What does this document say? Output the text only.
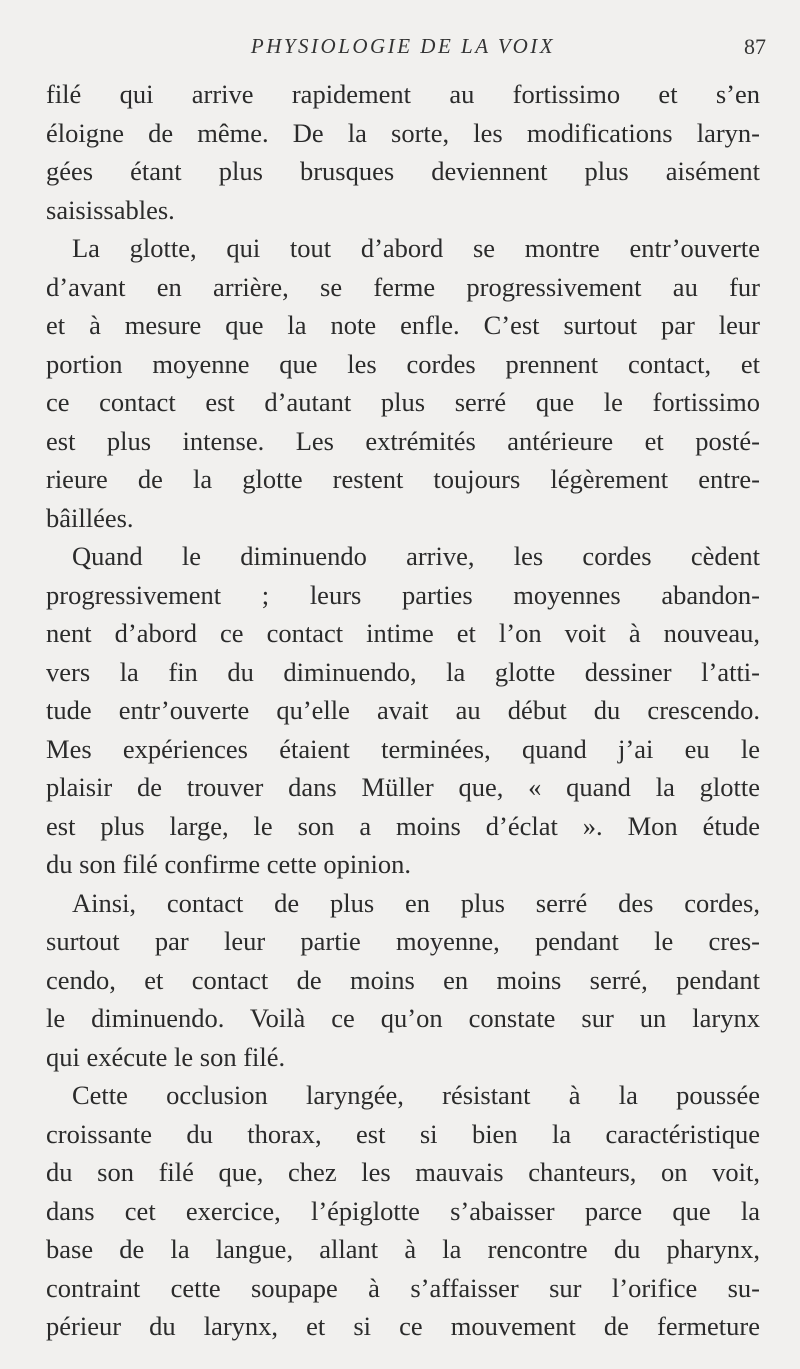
PHYSIOLOGIE DE LA VOIX	87
filé qui arrive rapidement au fortissimo et s’en
éloigne de même. De la sorte, les modifications laryn-
gées étant plus brusques deviennent plus aisément
saisissables.
La glotte, qui tout d’abord se montre entr’ouverte
d’avant en arrière, se ferme progressivement au fur
et à mesure que la note enfle. C’est surtout par leur
portion moyenne que les cordes prennent contact, et
ce contact est d’autant plus serré que le fortissimo
est plus intense. Les extrémités antérieure et posté-
rieure de la glotte restent toujours légèrement entre-
bâillées.
Quand le diminuendo arrive, les cordes cèdent
progressivement ; leurs parties moyennes abandon-
nent d’abord ce contact intime et l’on voit à nouveau,
vers la fin du diminuendo, la glotte dessiner l’atti-
tude entr’ouverte qu’elle avait au début du crescendo.
Mes expériences étaient terminées, quand j’ai eu le
plaisir de trouver dans Müller que, « quand la glotte
est plus large, le son a moins d’éclat ». Mon étude
du son filé confirme cette opinion.
Ainsi, contact de plus en plus serré des cordes,
surtout par leur partie moyenne, pendant le cres-
cendo, et contact de moins en moins serré, pendant
le diminuendo. Voilà ce qu’on constate sur un larynx
qui exécute le son filé.
Cette occlusion laryngée, résistant à la poussée
croissante du thorax, est si bien la caractéristique
du son filé que, chez les mauvais chanteurs, on voit,
dans cet exercice, l’épiglotte s’abaisser parce que la
base de la langue, allant à la rencontre du pharynx,
contraint cette soupape à s’affaisser sur l’orifice su-
périeur du larynx, et si ce mouvement de fermeture
